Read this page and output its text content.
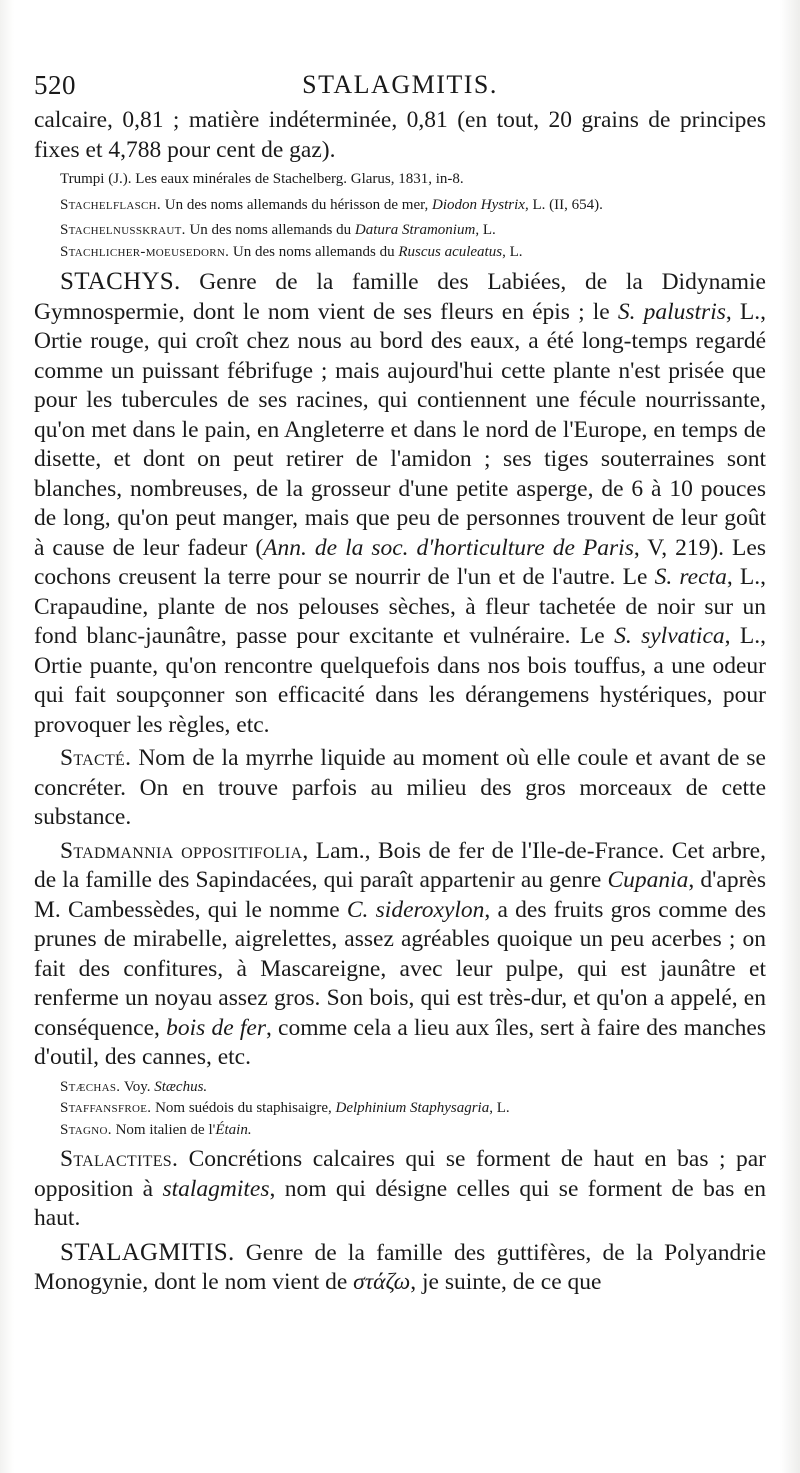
520	STALAGMITIS.

calcaire, 0,81 ; matière indéterminée, 0,81 (en tout, 20 grains de principes fixes et 4,788 pour cent de gaz).

Trumpi (J.). Les eaux minérales de Stachelberg. Glarus, 1831, in-8.

Stachelflasch. Un des noms allemands du hérisson de mer, Diodon Hystrix, L. (II, 654).

Stachelnusskraut. Un des noms allemands du Datura Stramonium, L.

Stachlicher-moeusedorn. Un des noms allemands du Ruscus aculeatus, L.

STACHYS. Genre de la famille des Labiées, de la Didynamie Gymnospermie, dont le nom vient de ses fleurs en épis ; le S. palustris, L., Ortie rouge, qui croît chez nous au bord des eaux, a été long-temps regardé comme un puissant fébrifuge ; mais aujourd'hui cette plante n'est prisée que pour les tubercules de ses racines, qui contiennent une fécule nourrissante, qu'on met dans le pain, en Angleterre et dans le nord de l'Europe, en temps de disette, et dont on peut retirer de l'amidon ; ses tiges souterraines sont blanches, nombreuses, de la grosseur d'une petite asperge, de 6 à 10 pouces de long, qu'on peut manger, mais que peu de personnes trouvent de leur goût à cause de leur fadeur (Ann. de la soc. d'horticulture de Paris, V, 219). Les cochons creusent la terre pour se nourrir de l'un et de l'autre. Le S. recta, L., Crapaudine, plante de nos pelouses sèches, à fleur tachetée de noir sur un fond blanc-jaunâtre, passe pour excitante et vulnéraire. Le S. sylvatica, L., Ortie puante, qu'on rencontre quelquefois dans nos bois touffus, a une odeur qui fait soupçonner son efficacité dans les dérangemens hystériques, pour provoquer les règles, etc.

Stacté. Nom de la myrrhe liquide au moment où elle coule et avant de se concréter. On en trouve parfois au milieu des gros morceaux de cette substance.

Stadmannia oppositifolia, Lam., Bois de fer de l'Ile-de-France. Cet arbre, de la famille des Sapindacées, qui paraît appartenir au genre Cupania, d'après M. Cambessèdes, qui le nomme C. sideroxylon, a des fruits gros comme des prunes de mirabelle, aigrelettes, assez agréables quoique un peu acerbes ; on fait des confitures, à Mascareigne, avec leur pulpe, qui est jaunâtre et renferme un noyau assez gros. Son bois, qui est très-dur, et qu'on a appelé, en conséquence, bois de fer, comme cela a lieu aux îles, sert à faire des manches d'outil, des cannes, etc.

Stæchas. Voy. Stæchus.

Staffansfroe. Nom suédois du staphisaigre, Delphinium Staphysagria, L.

Stagno. Nom italien de l'Étain.

Stalactites. Concrétions calcaires qui se forment de haut en bas ; par opposition à stalagmites, nom qui désigne celles qui se forment de bas en haut.

STALAGMITIS. Genre de la famille des guttifères, de la Polyandrie Monogynie, dont le nom vient de στάζω, je suinte, de ce que
